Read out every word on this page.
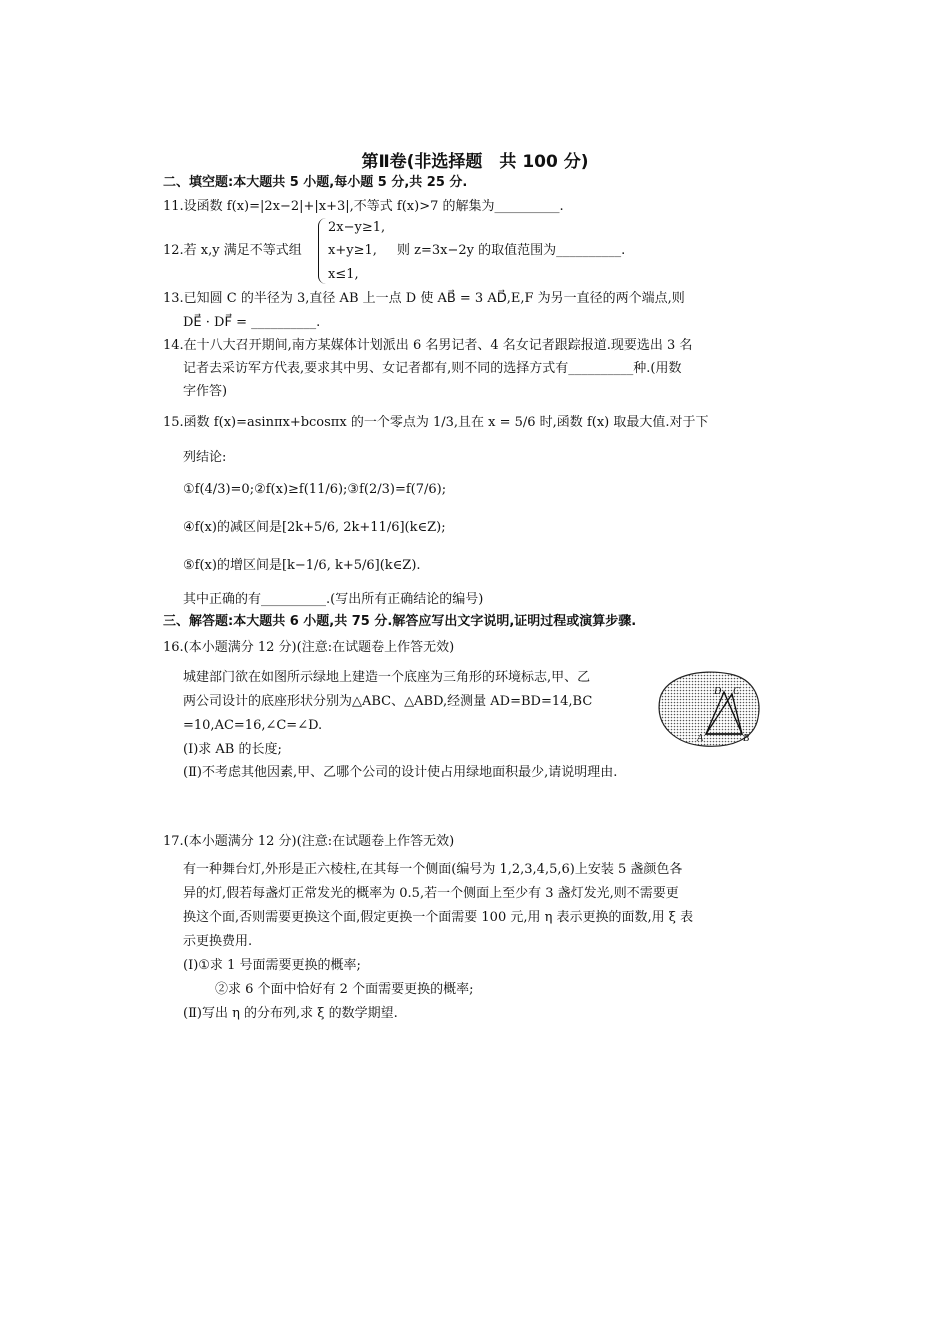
第Ⅱ卷(非选择题　共 100 分)
二、填空题:本大题共 5 小题,每小题 5 分,共 25 分.
11.设函数 f(x)=|2x−2|+|x+3|,不等式 f(x)>7 的解集为__________.
12.若 x,y 满足不等式组
2x−y≥1,
x+y≥1,
x≤1,
则 z=3x−2y 的取值范围为__________.
13.已知圆 C 的半径为 3,直径 AB 上一点 D 使 AB⃗ = 3 AD⃗,E,F 为另一直径的两个端点,则
DE⃗ · DF⃗ = __________.
14.在十八大召开期间,南方某媒体计划派出 6 名男记者、4 名女记者跟踪报道.现要选出 3 名
记者去采访军方代表,要求其中男、女记者都有,则不同的选择方式有__________种.(用数
字作答)
15.函数 f(x)=asinπx+bcosπx 的一个零点为 1/3,且在 x = 5/6 时,函数 f(x) 取最大值.对于下
列结论:
①f(4/3)=0;②f(x)≥f(11/6);③f(2/3)=f(7/6);
④f(x)的减区间是[2k+5/6, 2k+11/6](k∈Z);
⑤f(x)的增区间是[k−1/6, k+5/6](k∈Z).
其中正确的有__________.(写出所有正确结论的编号)
三、解答题:本大题共 6 小题,共 75 分.解答应写出文字说明,证明过程或演算步骤.
16.(本小题满分 12 分)(注意:在试题卷上作答无效)
城建部门欲在如图所示绿地上建造一个底座为三角形的环境标志,甲、乙
两公司设计的底座形状分别为△ABC、△ABD,经测量 AD=BD=14,BC
=10,AC=16,∠C=∠D.
(Ⅰ)求 AB 的长度;
(Ⅱ)不考虑其他因素,甲、乙哪个公司的设计使占用绿地面积最少,请说明理由.
D C
A	B
17.(本小题满分 12 分)(注意:在试题卷上作答无效)
有一种舞台灯,外形是正六棱柱,在其每一个侧面(编号为 1,2,3,4,5,6)上安装 5 盏颜色各
异的灯,假若每盏灯正常发光的概率为 0.5,若一个侧面上至少有 3 盏灯发光,则不需要更
换这个面,否则需要更换这个面,假定更换一个面需要 100 元,用 η 表示更换的面数,用 ξ 表
示更换费用.
(Ⅰ)①求 1 号面需要更换的概率;
②求 6 个面中恰好有 2 个面需要更换的概率;
(Ⅱ)写出 η 的分布列,求 ξ 的数学期望.
